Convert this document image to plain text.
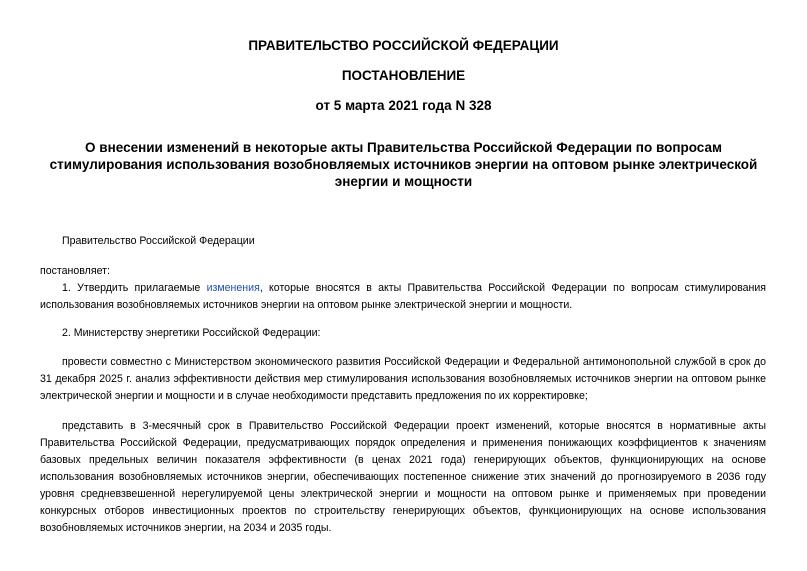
ПРАВИТЕЛЬСТВО РОССИЙСКОЙ ФЕДЕРАЦИИ
ПОСТАНОВЛЕНИЕ
от 5 марта 2021 года N 328
О внесении изменений в некоторые акты Правительства Российской Федерации по вопросам стимулирования использования возобновляемых источников энергии на оптовом рынке электрической энергии и мощности
Правительство Российской Федерации
постановляет:
1. Утвердить прилагаемые изменения, которые вносятся в акты Правительства Российской Федерации по вопросам стимулирования использования возобновляемых источников энергии на оптовом рынке электрической энергии и мощности.
2. Министерству энергетики Российской Федерации:
провести совместно с Министерством экономического развития Российской Федерации и Федеральной антимонопольной службой в срок до 31 декабря 2025 г. анализ эффективности действия мер стимулирования использования возобновляемых источников энергии на оптовом рынке электрической энергии и мощности и в случае необходимости представить предложения по их корректировке;
представить в 3-месячный срок в Правительство Российской Федерации проект изменений, которые вносятся в нормативные акты Правительства Российской Федерации, предусматривающих порядок определения и применения понижающих коэффициентов к значениям базовых предельных величин показателя эффективности (в ценах 2021 года) генерирующих объектов, функционирующих на основе использования возобновляемых источников энергии, обеспечивающих постепенное снижение этих значений до прогнозируемого в 2036 году уровня средневзвешенной нерегулируемой цены электрической энергии и мощности на оптовом рынке и применяемых при проведении конкурсных отборов инвестиционных проектов по строительству генерирующих объектов, функционирующих на основе использования возобновляемых источников энергии, на 2034 и 2035 годы.
